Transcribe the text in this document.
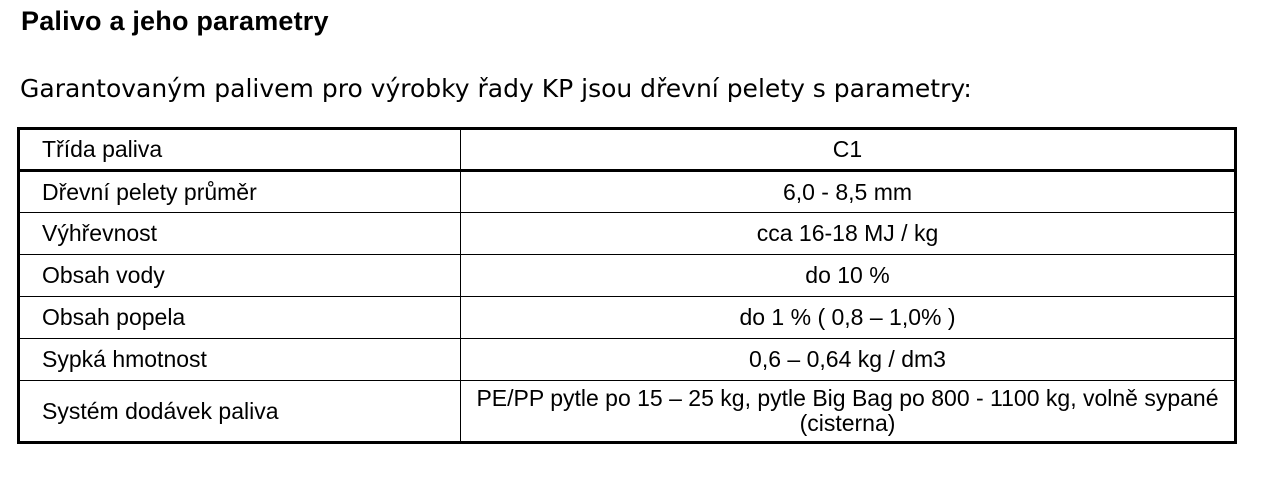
Palivo a jeho parametry
Garantovaným palivem pro výrobky řady KP jsou dřevní pelety s parametry:
Třída paliva	C1
Dřevní pelety průměr	6,0 - 8,5 mm
Výhřevnost	cca 16-18 MJ / kg
Obsah vody	do 10 %
Obsah popela	do 1 % ( 0,8 – 1,0% )
Sypká hmotnost	0,6 – 0,64 kg / dm3
Systém dodávek paliva	PE/PP pytle po 15 – 25 kg, pytle Big Bag po 800 - 1100 kg, volně sypané (cisterna)
